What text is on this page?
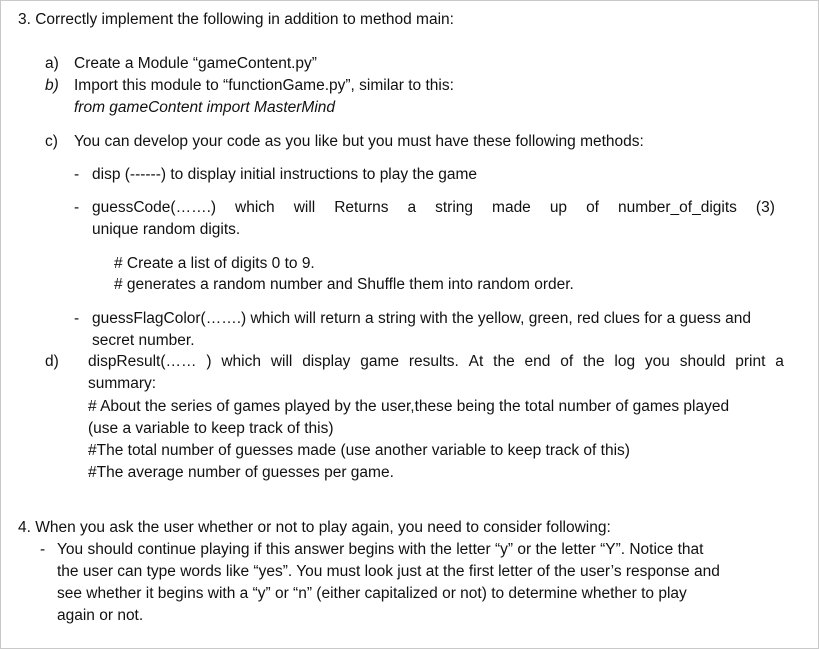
3. Correctly implement the following in addition to method main:
a) Create a Module “gameContent.py”
b) Import this module to “functionGame.py”, similar to this:
from gameContent import MasterMind
c) You can develop your code as you like but you must have these following methods:
- disp (------) to display initial instructions to play the game
- guessCode(…….) which will Returns a string made up of number_of_digits (3)
unique random digits.
# Create a list of digits 0 to 9.
# generates a random number and Shuffle them into random order.
- guessFlagColor(…….) which will return a string with the yellow, green, red clues for a guess and
secret number.
d) dispResult(…… ) which will display game results. At the end of the log you should print a
summary:
# About the series of games played by the user,these being the total number of games played
(use a variable to keep track of this)
#The total number of guesses made (use another variable to keep track of this)
#The average number of guesses per game.
4. When you ask the user whether or not to play again, you need to consider following:
- You should continue playing if this answer begins with the letter “y” or the letter “Y”. Notice that
the user can type words like “yes”. You must look just at the first letter of the user’s response and
see whether it begins with a “y” or “n” (either capitalized or not) to determine whether to play
again or not.
